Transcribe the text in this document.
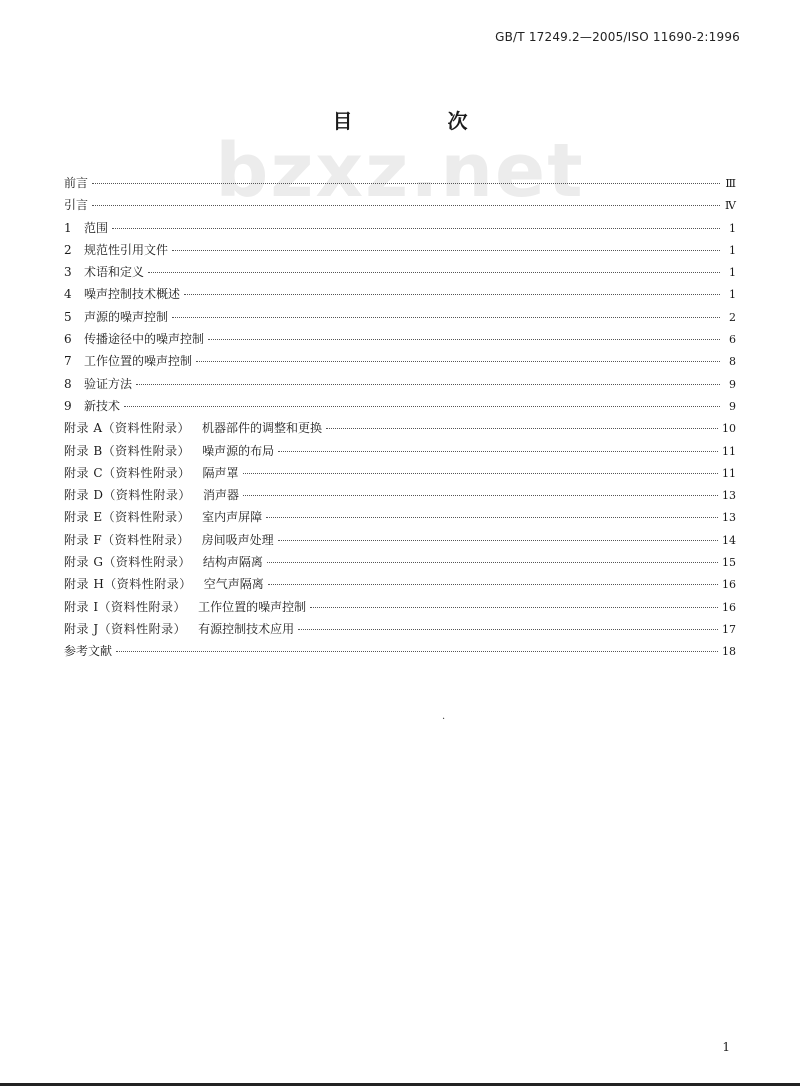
GB/T 17249.2—2005/ISO 11690-2:1996
目 次
bzxz.net
前言	Ⅲ
引言	Ⅳ
1 范围	1
2 规范性引用文件	1
3 术语和定义	1
4 噪声控制技术概述	1
5 声源的噪声控制	2
6 传播途径中的噪声控制	6
7 工作位置的噪声控制	8
8 验证方法	9
9 新技术	9
附录 A（资料性附录） 机器部件的调整和更换	10
附录 B（资料性附录） 噪声源的布局	11
附录 C（资料性附录） 隔声罩	11
附录 D（资料性附录） 消声器	13
附录 E（资料性附录） 室内声屏障	13
附录 F（资料性附录） 房间吸声处理	14
附录 G（资料性附录） 结构声隔离	15
附录 H（资料性附录） 空气声隔离	16
附录 I（资料性附录） 工作位置的噪声控制	16
附录 J（资料性附录） 有源控制技术应用	17
参考文献	18
·
1
